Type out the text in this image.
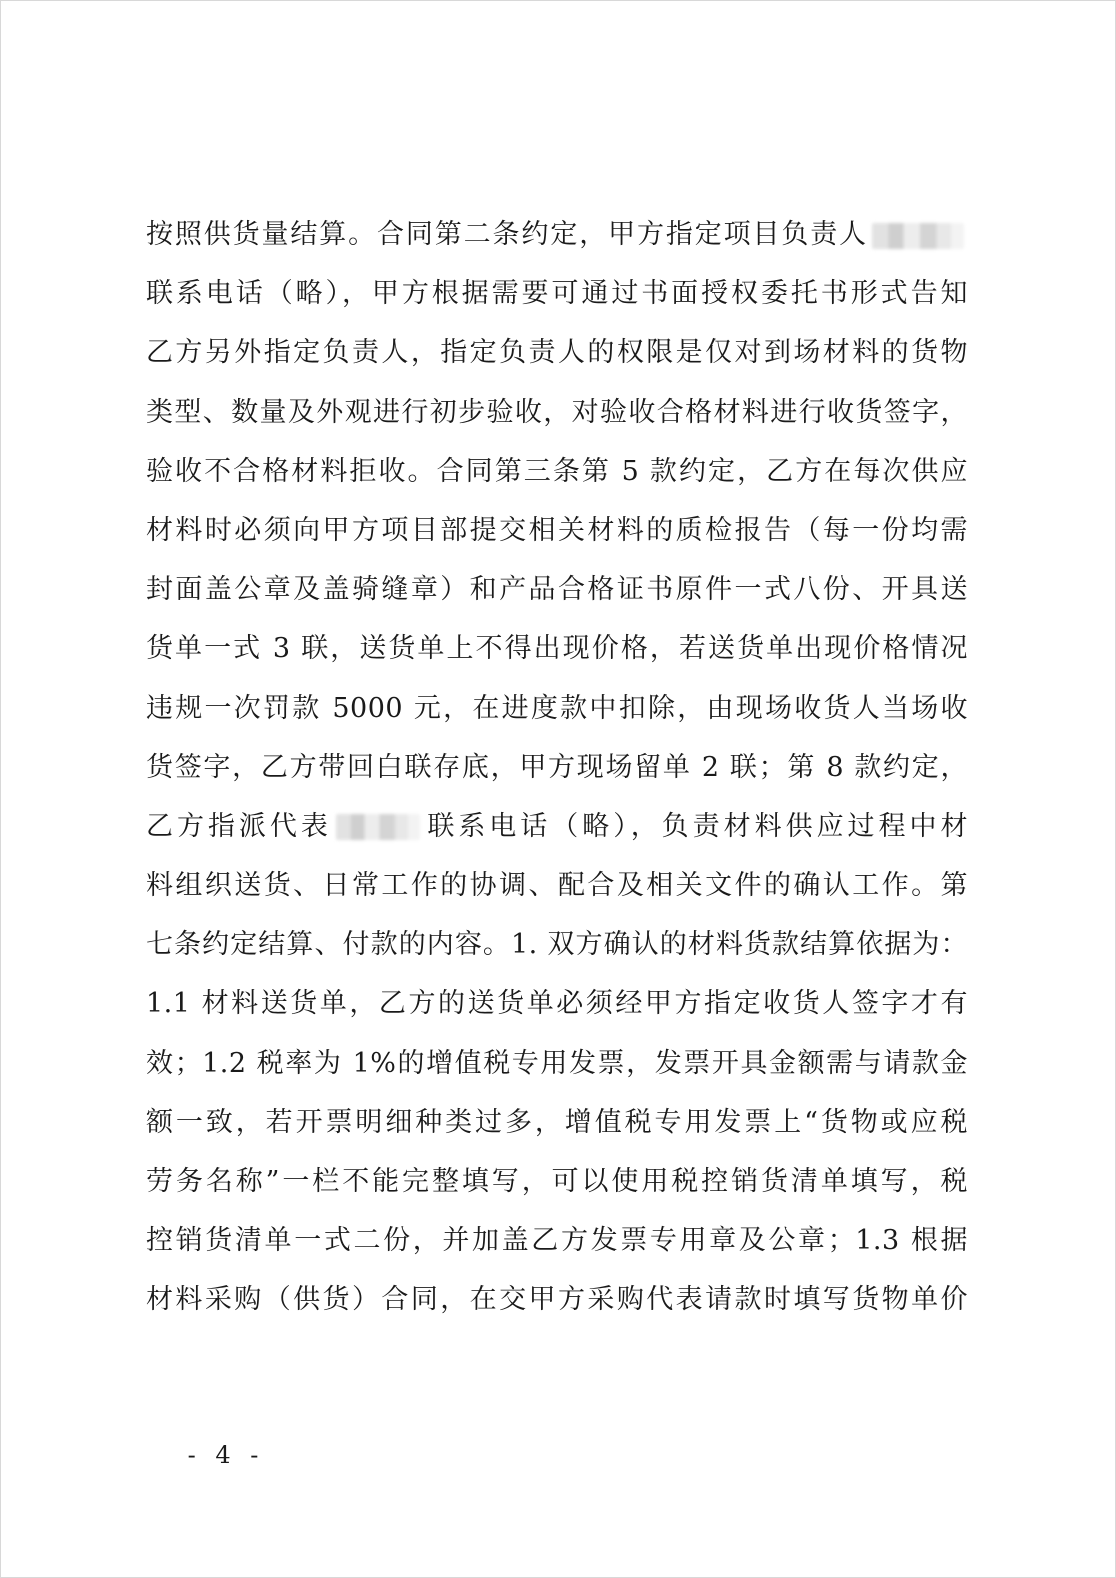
按照供货量结算。合同第二条约定，甲方指定项目负责人
联系电话（略），甲方根据需要可通过书面授权委托书形式告知
乙方另外指定负责人，指定负责人的权限是仅对到场材料的货物
类型、数量及外观进行初步验收，对验收合格材料进行收货签字，
验收不合格材料拒收。合同第三条第 5 款约定，乙方在每次供应
材料时必须向甲方项目部提交相关材料的质检报告（每一份均需
封面盖公章及盖骑缝章）和产品合格证书原件一式八份、开具送
货单一式 3 联，送货单上不得出现价格，若送货单出现价格情况
违规一次罚款 5000 元，在进度款中扣除，由现场收货人当场收
货签字，乙方带回白联存底，甲方现场留单 2 联；第 8 款约定，
乙方指派代表	联系电话（略），负责材料供应过程中材
料组织送货、日常工作的协调、配合及相关文件的确认工作。第
七条约定结算、付款的内容。1. 双方确认的材料货款结算依据为：
1.1 材料送货单，乙方的送货单必须经甲方指定收货人签字才有
效；1.2 税率为 1%的增值税专用发票，发票开具金额需与请款金
额一致，若开票明细种类过多，增值税专用发票上“货物或应税
劳务名称”一栏不能完整填写，可以使用税控销货清单填写，税
控销货清单一式二份，并加盖乙方发票专用章及公章；1.3 根据
材料采购（供货）合同，在交甲方采购代表请款时填写货物单价
- 4 -
